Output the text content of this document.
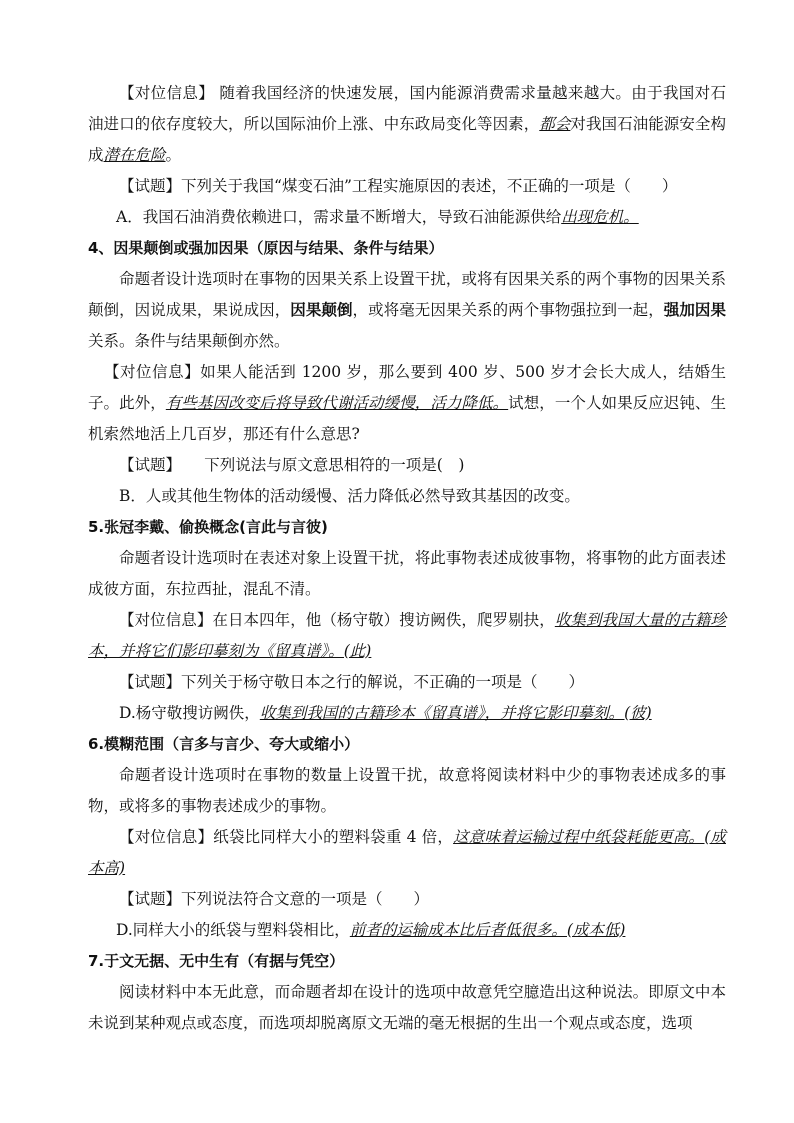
【对位信息】 随着我国经济的快速发展，国内能源消费需求量越来越大。由于我国对石油进口的依存度较大，所以国际油价上涨、中东政局变化等因素，都会对我国石油能源安全构成潜在危险。

【试题】下列关于我国“煤变石油”工程实施原因的表述，不正确的一项是（　　）

A．我国石油消费依赖进口，需求量不断增大，导致石油能源供给出现危机。

4、因果颠倒或强加因果（原因与结果、条件与结果）

命题者设计选项时在事物的因果关系上设置干扰，或将有因果关系的两个事物的因果关系颠倒，因说成果，果说成因，因果颠倒，或将毫无因果关系的两个事物强拉到一起，强加因果关系。条件与结果颠倒亦然。

【对位信息】如果人能活到 1200 岁，那么要到 400 岁、500 岁才会长大成人，结婚生子。此外，有些基因改变后将导致代谢活动缓慢，活力降低。试想，一个人如果反应迟钝、生机索然地活上几百岁，那还有什么意思?

【试题】　　下列说法与原文意思相符的一项是(　)

B．人或其他生物体的活动缓慢、活力降低必然导致其基因的改变。

5.张冠李戴、偷换概念(言此与言彼)

命题者设计选项时在表述对象上设置干扰，将此事物表述成彼事物，将事物的此方面表述成彼方面，东拉西扯，混乱不清。

【对位信息】在日本四年，他（杨守敬）搜访阙佚，爬罗剔抉，收集到我国大量的古籍珍本，并将它们影印摹刻为《留真谱》。(此)

【试题】下列关于杨守敬日本之行的解说，不正确的一项是（　　）

D.杨守敬搜访阙佚，收集到我国的古籍珍本《留真谱》，并将它影印摹刻。(彼)

6.模糊范围（言多与言少、夸大或缩小）

命题者设计选项时在事物的数量上设置干扰，故意将阅读材料中少的事物表述成多的事物，或将多的事物表述成少的事物。

【对位信息】纸袋比同样大小的塑料袋重 4 倍，这意味着运输过程中纸袋耗能更高。(成本高)

【试题】下列说法符合文意的一项是（　　）

D.同样大小的纸袋与塑料袋相比，前者的运输成本比后者低很多。(成本低)

7.于文无据、无中生有（有据与凭空）

阅读材料中本无此意，而命题者却在设计的选项中故意凭空臆造出这种说法。即原文中本未说到某种观点或态度，而选项却脱离原文无端的毫无根据的生出一个观点或态度，选项
